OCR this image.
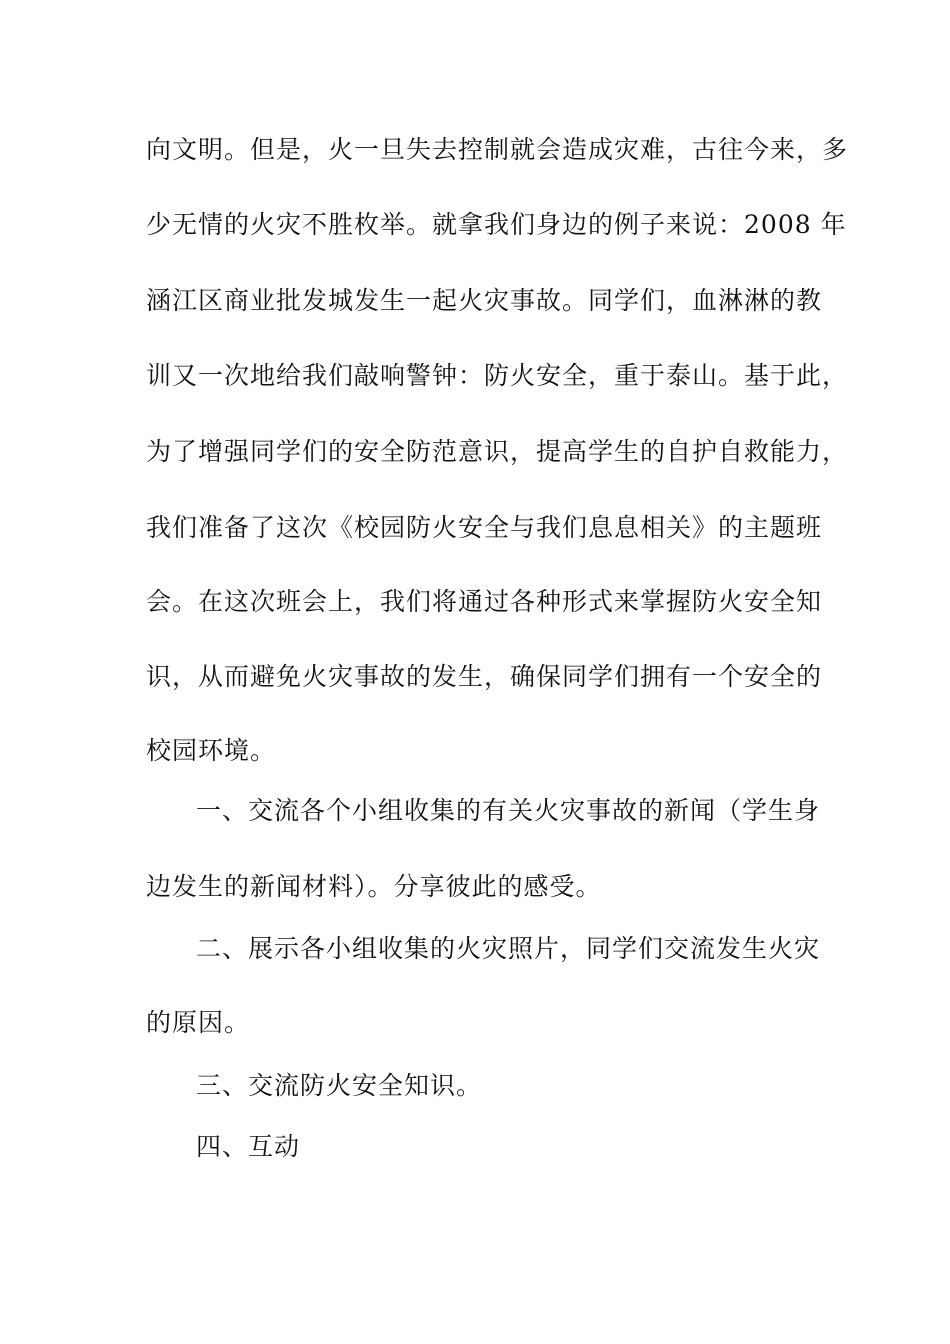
向文明。但是，火一旦失去控制就会造成灾难，古往今来，多
少无情的火灾不胜枚举。就拿我们身边的例子来说：2008 年
涵江区商业批发城发生一起火灾事故。同学们，血淋淋的教
训又一次地给我们敲响警钟：防火安全，重于泰山。基于此，
为了增强同学们的安全防范意识，提高学生的自护自救能力，
我们准备了这次《校园防火安全与我们息息相关》的主题班
会。在这次班会上，我们将通过各种形式来掌握防火安全知
识，从而避免火灾事故的发生，确保同学们拥有一个安全的
校园环境。
一、交流各个小组收集的有关火灾事故的新闻（学生身
边发生的新闻材料）。分享彼此的感受。
二、展示各小组收集的火灾照片，同学们交流发生火灾
的原因。
三、交流防火安全知识。
四、互动
